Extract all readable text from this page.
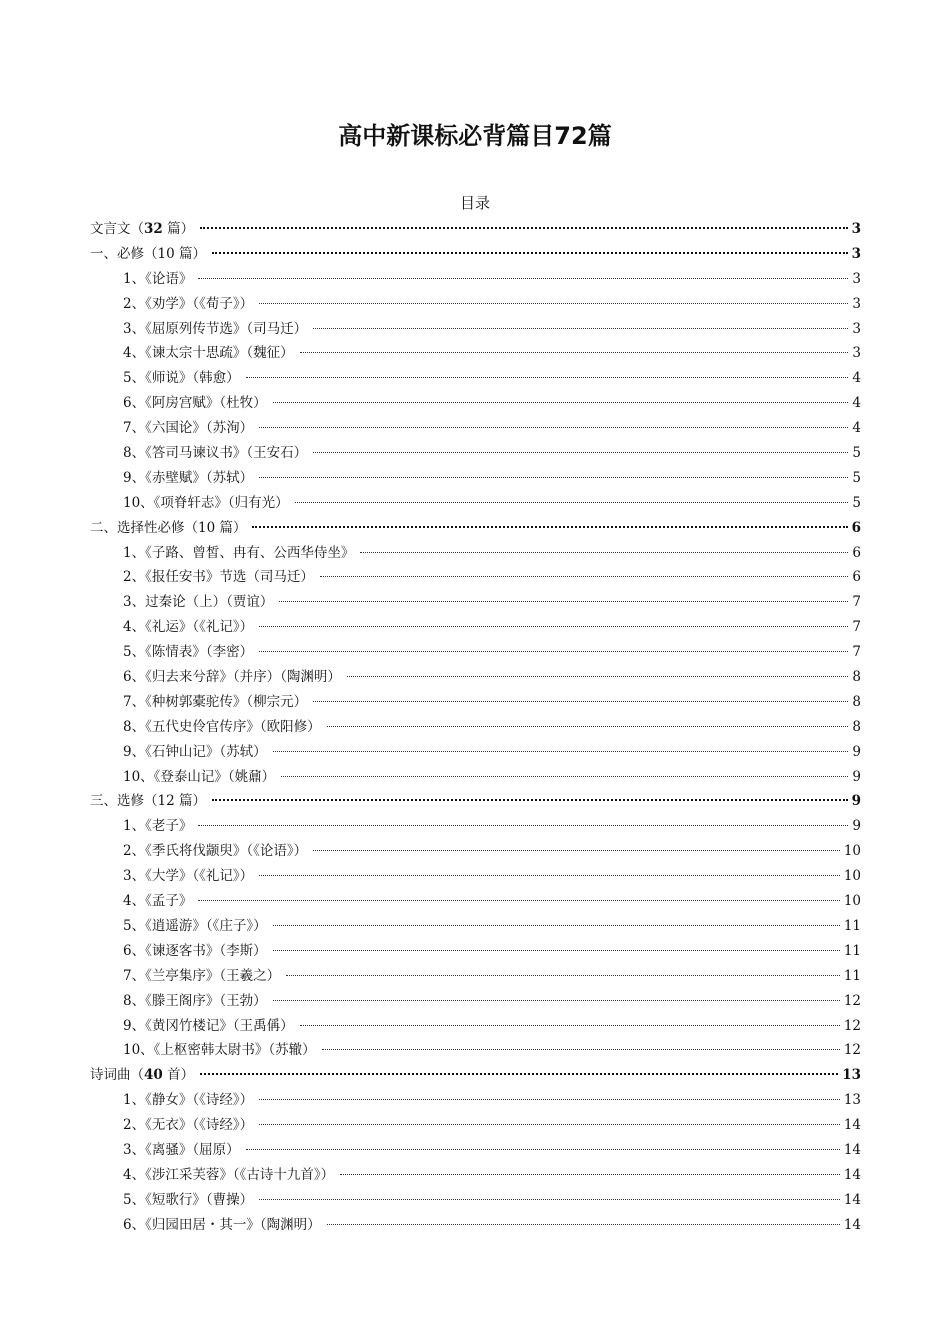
高中新课标必背篇目72篇
目录
文言文（32 篇）	3
一、必修（10 篇）	3
1、《论语》	3
2、《劝学》（《荀子》）	3
3、《屈原列传节选》（司马迁）	3
4、《谏太宗十思疏》（魏征）	3
5、《师说》（韩愈）	4
6、《阿房宫赋》（杜牧）	4
7、《六国论》（苏洵）	4
8、《答司马谏议书》（王安石）	5
9、《赤壁赋》（苏轼）	5
10、《项脊轩志》（归有光）	5
二、选择性必修（10 篇）	6
1、《子路、曾皙、冉有、公西华侍坐》	6
2、《报任安书》节选（司马迁）	6
3、过秦论（上）（贾谊）	7
4、《礼运》（《礼记》）	7
5、《陈情表》（李密）	7
6、《归去来兮辞》（并序）（陶渊明）	8
7、《种树郭橐驼传》（柳宗元）	8
8、《五代史伶官传序》（欧阳修）	8
9、《石钟山记》（苏轼）	9
10、《登泰山记》（姚鼐）	9
三、选修（12 篇）	9
1、《老子》	9
2、《季氏将伐颛臾》（《论语》）	10
3、《大学》（《礼记》）	10
4、《孟子》	10
5、《逍遥游》（《庄子》）	11
6、《谏逐客书》（李斯）	11
7、《兰亭集序》（王羲之）	11
8、《滕王阁序》（王勃）	12
9、《黄冈竹楼记》（王禹偁）	12
10、《上枢密韩太尉书》（苏辙）	12
诗词曲（40 首）	13
1、《静女》（《诗经》）	13
2、《无衣》（《诗经》）	14
3、《离骚》（屈原）	14
4、《涉江采芙蓉》（《古诗十九首》）	14
5、《短歌行》（曹操）	14
6、《归园田居・其一》（陶渊明）	14
